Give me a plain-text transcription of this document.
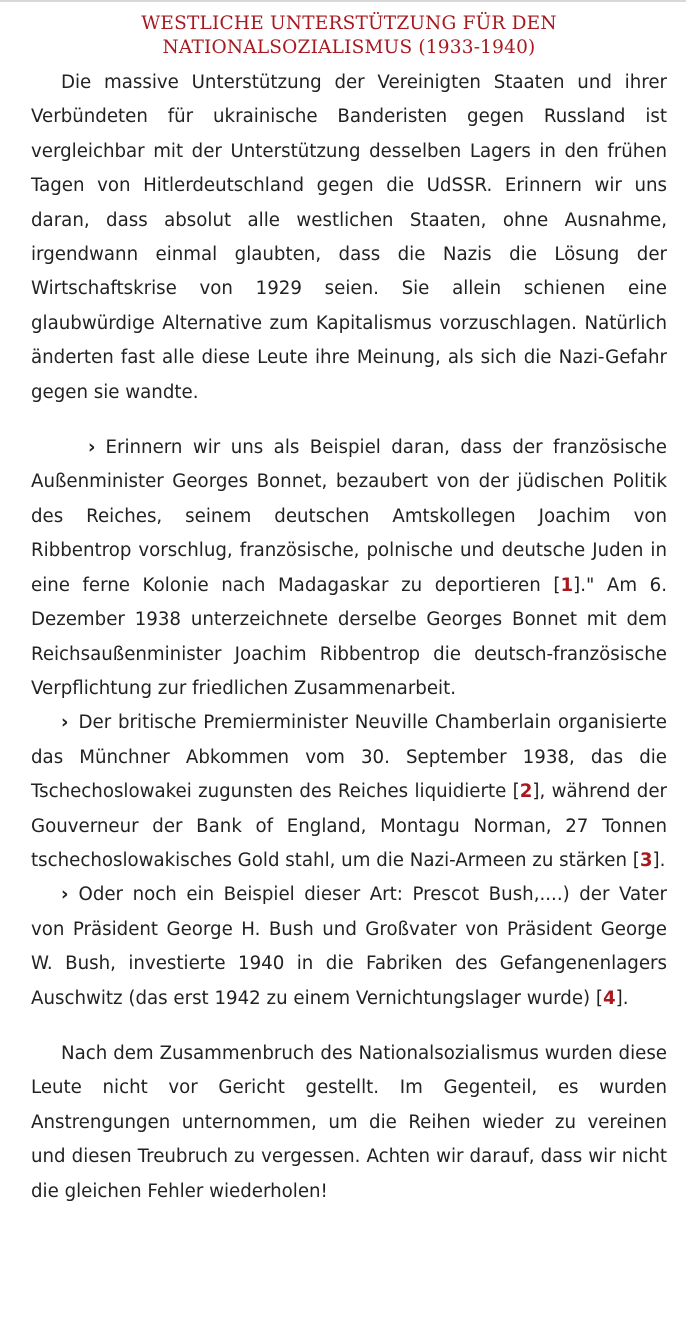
WESTLICHE UNTERSTÜTZUNG FÜR DEN
NATIONALSOZIALISMUS (1933-1940)

Die massive Unterstützung der Vereinigten Staaten und ihrer Verbündeten für ukrainische Banderisten gegen Russland ist vergleichbar mit der Unterstützung desselben Lagers in den frühen Tagen von Hitlerdeutschland gegen die UdSSR. Erinnern wir uns daran, dass absolut alle westlichen Staaten, ohne Ausnahme, irgendwann einmal glaubten, dass die Nazis die Lösung der Wirtschaftskrise von 1929 seien. Sie allein schienen eine glaubwürdige Alternative zum Kapitalismus vorzuschlagen. Natürlich änderten fast alle diese Leute ihre Meinung, als sich die Nazi-Gefahr gegen sie wandte.

› Erinnern wir uns als Beispiel daran, dass der französische Außenminister Georges Bonnet, bezaubert von der jüdischen Politik des Reiches, seinem deutschen Amtskollegen Joachim von Ribbentrop vorschlug, französische, polnische und deutsche Juden in eine ferne Kolonie nach Madagaskar zu deportieren [1]." Am 6. Dezember 1938 unterzeichnete derselbe Georges Bonnet mit dem Reichsaußenminister Joachim Ribbentrop die deutsch-französische Verpflichtung zur friedlichen Zusammenarbeit.

› Der britische Premierminister Neuville Chamberlain organisierte das Münchner Abkommen vom 30. September 1938, das die Tschechoslowakei zugunsten des Reiches liquidierte [2], während der Gouverneur der Bank of England, Montagu Norman, 27 Tonnen tschechoslowakisches Gold stahl, um die Nazi-Armeen zu stärken [3].

› Oder noch ein Beispiel dieser Art: Prescot Bush,....) der Vater von Präsident George H. Bush und Großvater von Präsident George W. Bush, investierte 1940 in die Fabriken des Gefangenenlagers Auschwitz (das erst 1942 zu einem Vernichtungslager wurde) [4].

Nach dem Zusammenbruch des Nationalsozialismus wurden diese Leute nicht vor Gericht gestellt. Im Gegenteil, es wurden Anstrengungen unternommen, um die Reihen wieder zu vereinen und diesen Treubruch zu vergessen. Achten wir darauf, dass wir nicht die gleichen Fehler wiederholen!
